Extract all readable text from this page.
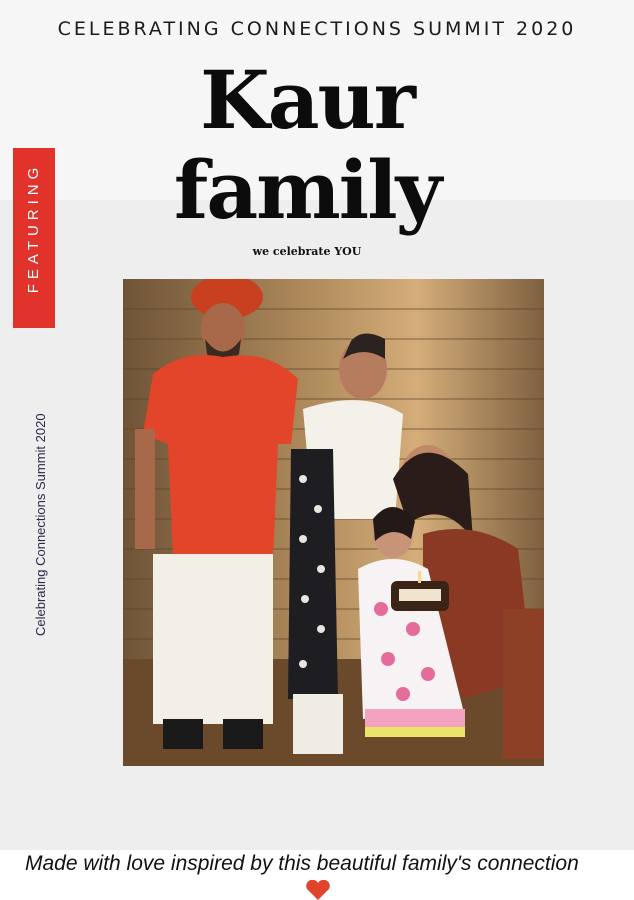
CELEBRATING CONNECTIONS SUMMIT 2020
Kaur
family
we celebrate YOU
FEATURING
Celebrating Connections Summit 2020
Made with love inspired by this beautiful family's connection
